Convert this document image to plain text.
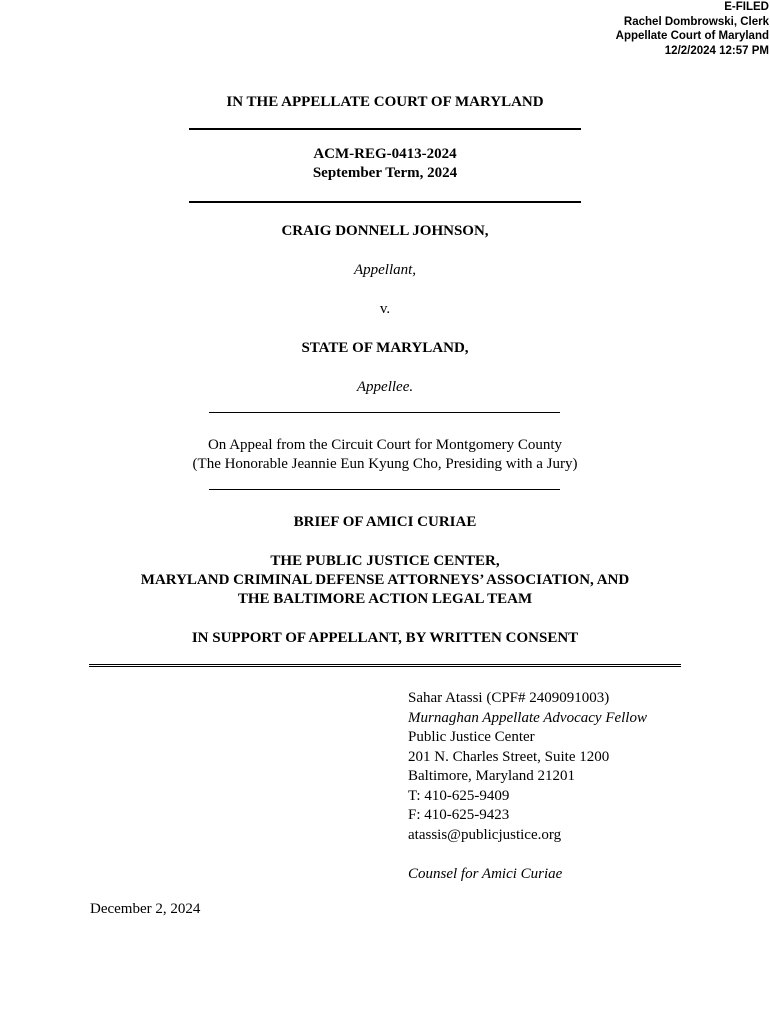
E-FILED
Rachel Dombrowski, Clerk
Appellate Court of Maryland
12/2/2024 12:57 PM
IN THE APPELLATE COURT OF MARYLAND
ACM-REG-0413-2024
September Term, 2024
CRAIG DONNELL JOHNSON,
Appellant,
v.
STATE OF MARYLAND,
Appellee.
On Appeal from the Circuit Court for Montgomery County
(The Honorable Jeannie Eun Kyung Cho, Presiding with a Jury)
BRIEF OF AMICI CURIAE
THE PUBLIC JUSTICE CENTER,
MARYLAND CRIMINAL DEFENSE ATTORNEYS’ ASSOCIATION, AND
THE BALTIMORE ACTION LEGAL TEAM
IN SUPPORT OF APPELLANT, BY WRITTEN CONSENT
Sahar Atassi (CPF# 2409091003)
Murnaghan Appellate Advocacy Fellow
Public Justice Center
201 N. Charles Street, Suite 1200
Baltimore, Maryland 21201
T: 410-625-9409
F: 410-625-9423
atassis@publicjustice.org
Counsel for Amici Curiae
December 2, 2024
